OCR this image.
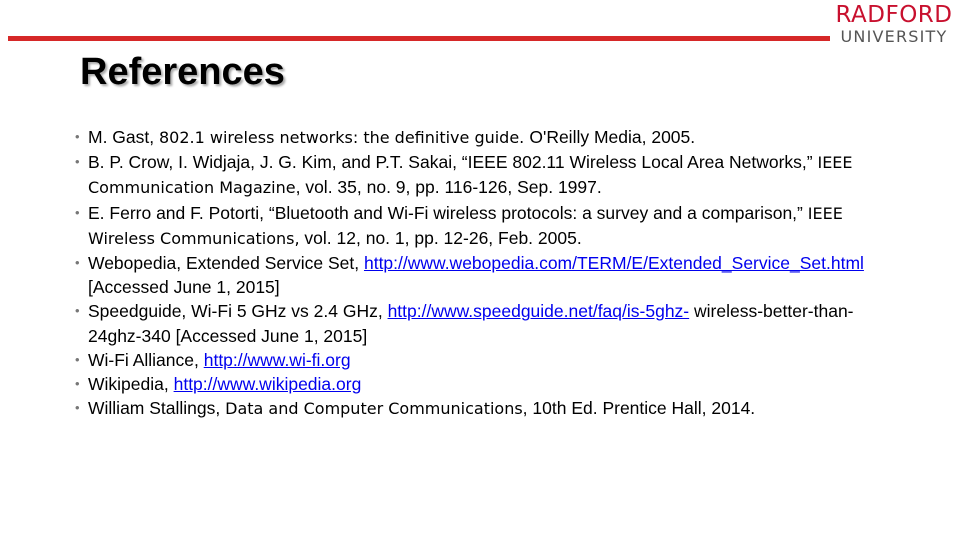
RADFORD
UNIVERSITY
References
• M. Gast, 802.1 wireless networks: the definitive guide. O'Reilly Media, 2005.
• B. P. Crow, I. Widjaja, J. G. Kim, and P.T. Sakai, “IEEE 802.11 Wireless Local Area Networks,” IEEE Communication Magazine, vol. 35, no. 9, pp. 116-126, Sep. 1997.
• E. Ferro and F. Potorti, “Bluetooth and Wi-Fi wireless protocols: a survey and a comparison,” IEEE Wireless Communications, vol. 12, no. 1, pp. 12-26, Feb. 2005.
• Webopedia, Extended Service Set, http://www.webopedia.com/TERM/E/Extended_Service_Set.html [Accessed June 1, 2015]
• Speedguide, Wi-Fi 5 GHz vs 2.4 GHz, http://www.speedguide.net/faq/is-5ghz- wireless-better-than-24ghz-340 [Accessed June 1, 2015]
• Wi-Fi Alliance, http://www.wi-fi.org
• Wikipedia, http://www.wikipedia.org
• William Stallings, Data and Computer Communications, 10th Ed. Prentice Hall, 2014.
